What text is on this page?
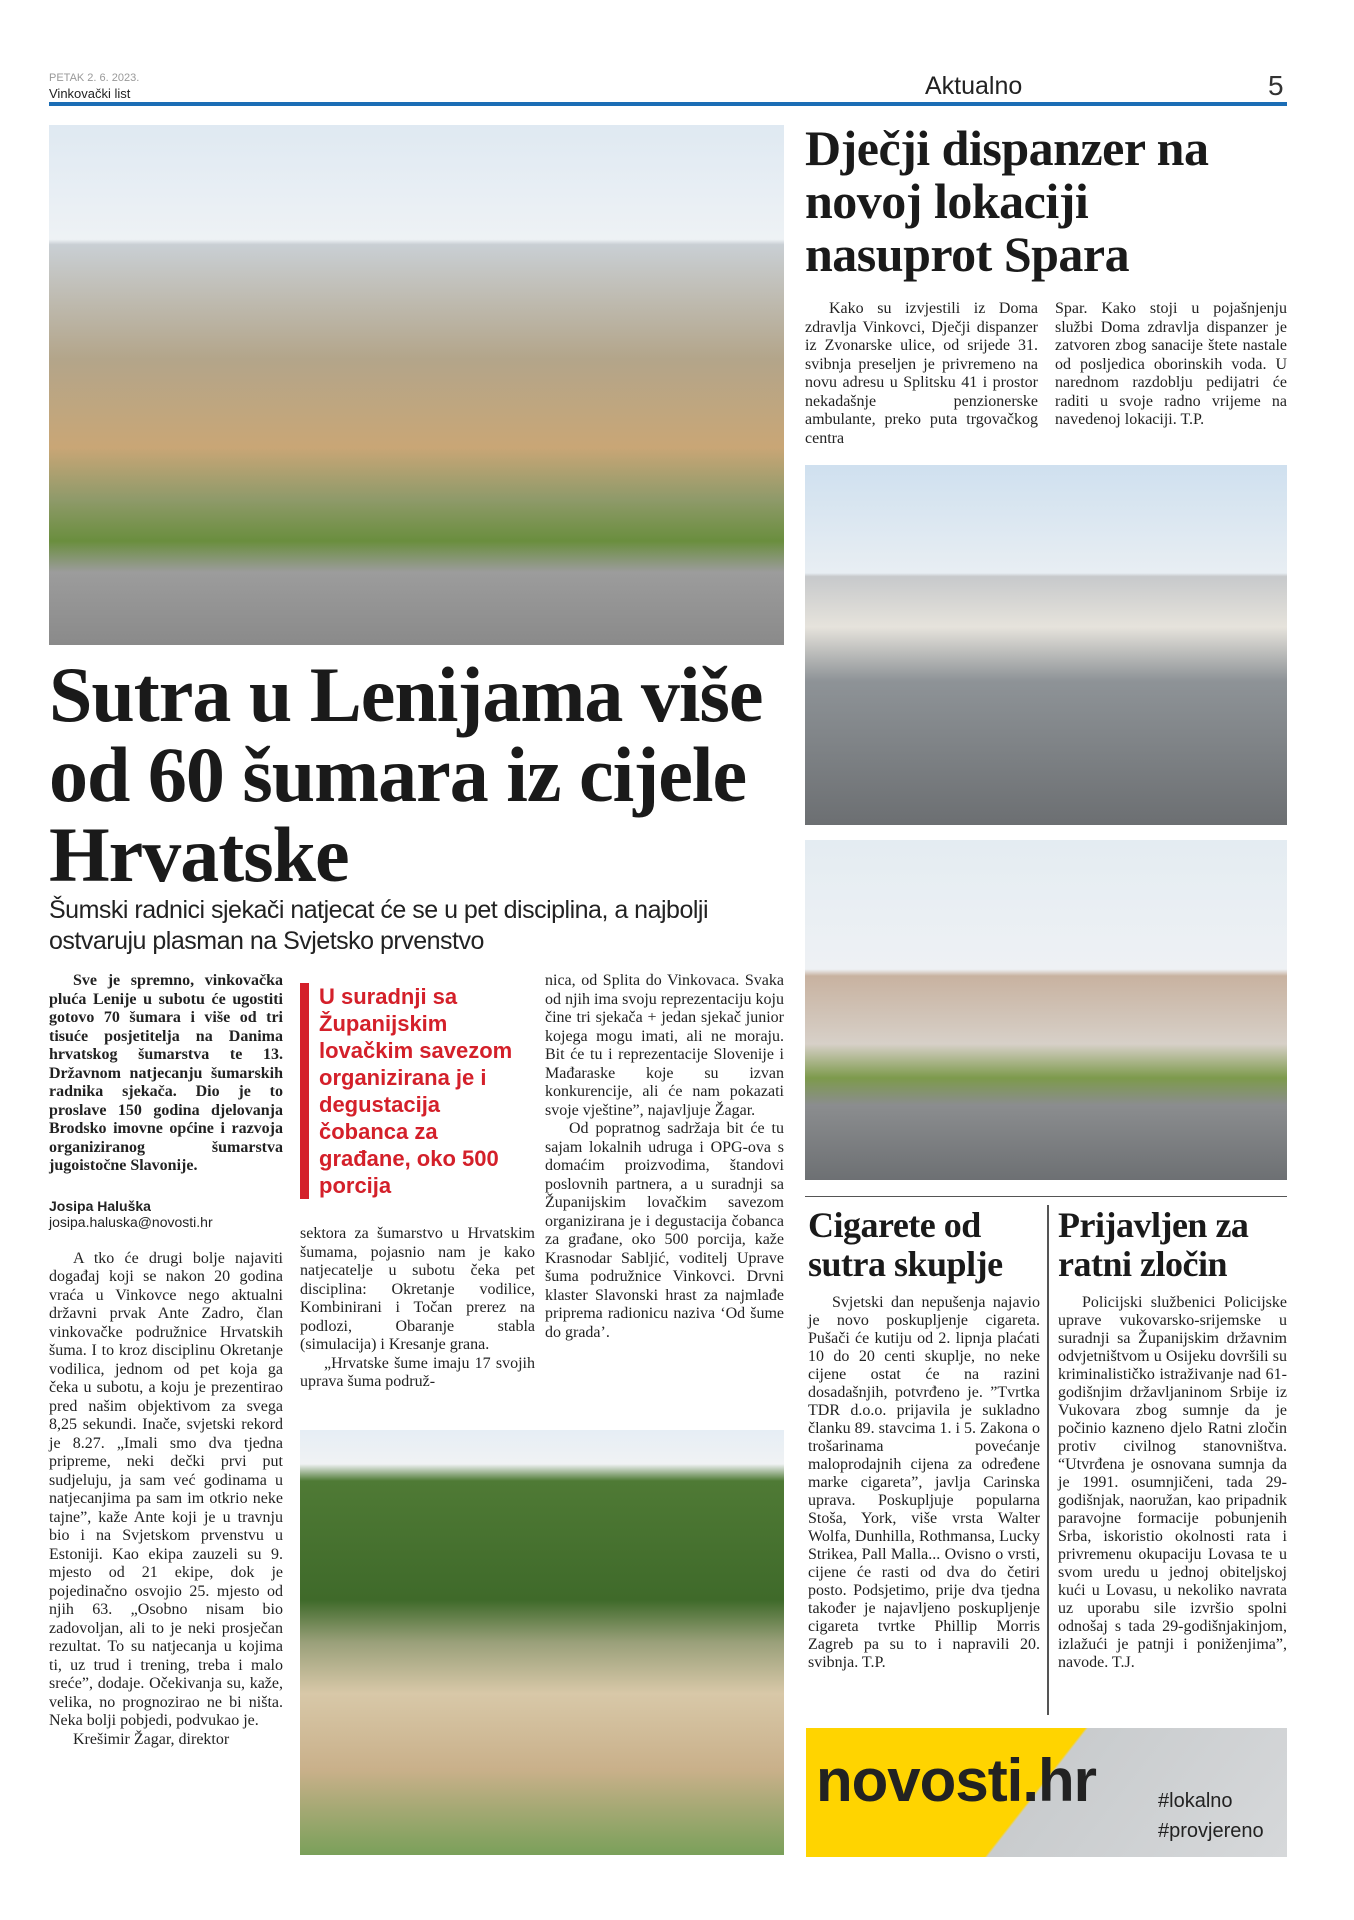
PETAK 2. 6. 2023.
Vinkovački list	Aktualno	5
Sutra u Lenijama više od 60 šumara iz cijele Hrvatske
Šumski radnici sjekači natjecat će se u pet disciplina, a najbolji ostvaruju plasman na Svjetsko prvenstvo

Sve je spremno, vinkovačka pluća Lenije u subotu će ugostiti gotovo 70 šumara i više od tri tisuće posjetitelja na Danima hrvatskog šumarstva te 13. Državnom natjecanju šumarskih radnika sjekača. Dio je to proslave 150 godina djelovanja Brodsko imovne općine i razvoja organiziranog šumarstva jugoistočne Slavonije.

Josipa Haluška
josipa.haluska@novosti.hr

A tko će drugi bolje najaviti događaj koji se nakon 20 godina vraća u Vinkovce nego aktualni državni prvak Ante Zadro, član vinkovačke podružnice Hrvatskih šuma. I to kroz disciplinu Okretanje vodilica, jednom od pet koja ga čeka u subotu, a koju je prezentirao pred našim objektivom za svega 8,25 sekundi. Inače, svjetski rekord je 8.27. „Imali smo dva tjedna pripreme, neki dečki prvi put sudjeluju, ja sam već godinama u natjecanjima pa sam im otkrio neke tajne”, kaže Ante koji je u travnju bio i na Svjetskom prvenstvu u Estoniji. Kao ekipa zauzeli su 9. mjesto od 21 ekipe, dok je pojedinačno osvojio 25. mjesto od njih 63. „Osobno nisam bio zadovoljan, ali to je neki prosječan rezultat. To su natjecanja u kojima ti, uz trud i trening, treba i malo sreće”, dodaje. Očekivanja su, kaže, velika, no prognozirao ne bi ništa. Neka bolji pobjedi, podvukao je.

Krešimir Žagar, direktor

U suradnji sa Županijskim lovačkim savezom organizirana je i degustacija čobanca za građane, oko 500 porcija

sektora za šumarstvo u Hrvatskim šumama, pojasnio nam je kako natjecatelje u subotu čeka pet disciplina: Okretanje vodilice, Kombinirani i Točan prerez na podlozi, Obaranje stabla (simulacija) i Kresanje grana.

„Hrvatske šume imaju 17 svojih uprava šuma podruž-

nica, od Splita do Vinkovaca. Svaka od njih ima svoju reprezentaciju koju čine tri sjekača + jedan sjekač junior kojega mogu imati, ali ne moraju. Bit će tu i reprezentacije Slovenije i Mađaraske koje su izvan konkurencije, ali će nam pokazati svoje vještine”, najavljuje Žagar.

Od popratnog sadržaja bit će tu sajam lokalnih udruga i OPG-ova s domaćim proizvodima, štandovi poslovnih partnera, a u suradnji sa Županijskim lovačkim savezom organizirana je i degustacija čobanca za građane, oko 500 porcija, kaže Krasnodar Sabljić, voditelj Uprave šuma podružnice Vinkovci. Drvni klaster Slavonski hrast za najmlađe priprema radionicu naziva ‘Od šume do grada’.

Dječji dispanzer na novoj lokaciji nasuprot Spara

Kako su izvjestili iz Doma zdravlja Vinkovci, Dječji dispanzer iz Zvonarske ulice, od srijede 31. svibnja preseljen je privremeno na novu adresu u Splitsku 41 i prostor nekadašnje penzionerske ambulante, preko puta trgovačkog centra

Spar. Kako stoji u pojašnjenju službi Doma zdravlja dispanzer je zatvoren zbog sanacije štete nastale od posljedica oborinskih voda. U narednom razdoblju pedijatri će raditi u svoje radno vrijeme na navedenoj lokaciji. T.P.

Cigarete od sutra skuplje

Svjetski dan nepušenja najavio je novo poskupljenje cigareta. Pušači će kutiju od 2. lipnja plaćati 10 do 20 centi skuplje, no neke cijene ostat će na razini dosadašnjih, potvrđeno je. ”Tvrtka TDR d.o.o. prijavila je sukladno članku 89. stavcima 1. i 5. Zakona o trošarinama povećanje maloprodajnih cijena za određene marke cigareta”, javlja Carinska uprava. Poskupljuje popularna Stoša, York, više vrsta Walter Wolfa, Dunhilla, Rothmansa, Lucky Strikea, Pall Malla... Ovisno o vrsti, cijene će rasti od dva do četiri posto. Podsjetimo, prije dva tjedna također je najavljeno poskupljenje cigareta tvrtke Phillip Morris Zagreb pa su to i napravili 20. svibnja. T.P.

Prijavljen za ratni zločin

Policijski službenici Policijske uprave vukovarsko-srijemske u suradnji sa Županijskim državnim odvjetništvom u Osijeku dovršili su kriminalističko istraživanje nad 61-godišnjim državljaninom Srbije iz Vukovara zbog sumnje da je počinio kazneno djelo Ratni zločin protiv civilnog stanovništva. “Utvrđena je osnovana sumnja da je 1991. osumnjičeni, tada 29-godišnjak, naoružan, kao pripadnik paravojne formacije pobunjenih Srba, iskoristio okolnosti rata i privremenu okupaciju Lovasa te u svom uredu u jednoj obiteljskoj kući u Lovasu, u nekoliko navrata uz uporabu sile izvršio spolni odnošaj s tada 29-godišnjakinjom, izlažući je patnji i poniženjima”, navode. T.J.

novosti.hr	#lokalno
#provjereno
